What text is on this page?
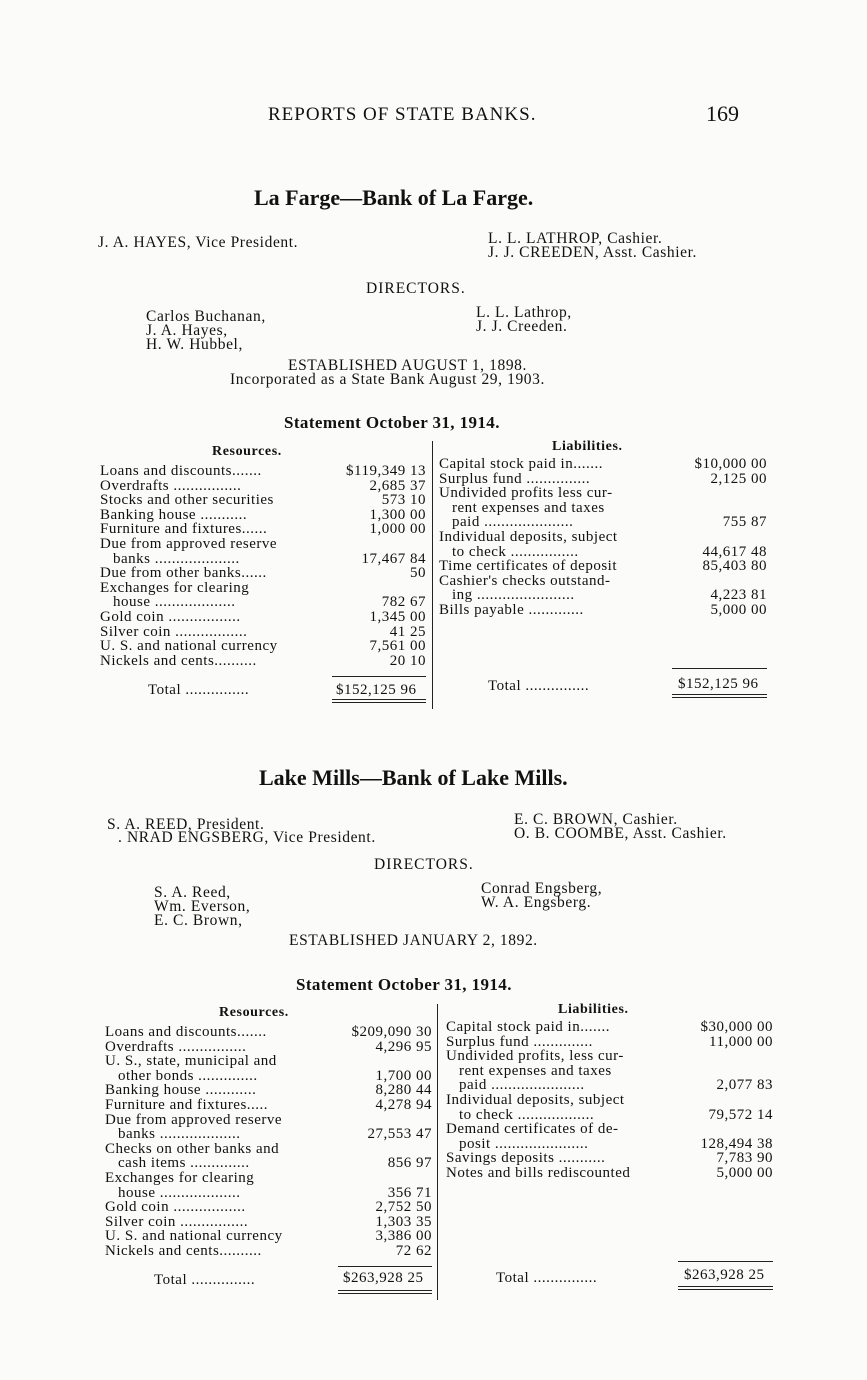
REPORTS OF STATE BANKS.	169
La Farge—Bank of La Farge.
J. A. HAYES, Vice President.	L. L. LATHROP, Cashier.
J. J. CREEDEN, Asst. Cashier.
DIRECTORS.
Carlos Buchanan,
J. A. Hayes,
H. W. Hubbel,
L. L. Lathrop,
J. J. Creeden.
ESTABLISHED AUGUST 1, 1898.
Incorporated as a State Bank August 29, 1903.
Statement October 31, 1914.
Resources.	Liabilities.
Loans and discounts.......	$119,349 13
Overdrafts ................	2,685 37
Stocks and other securities	573 10
Banking house ...........	1,300 00
Furniture and fixtures......	1,000 00
Due from approved reserve
banks ....................	17,467 84
Due from other banks......	50
Exchanges for clearing
house ...................	782 67
Gold coin .................	1,345 00
Silver coin .................	41 25
U. S. and national currency	7,561 00
Nickels and cents..........	20 10
Capital stock paid in.......	$10,000 00
Surplus fund ...............	2,125 00
Undivided profits less cur-
rent expenses and taxes
paid .....................	755 87
Individual deposits, subject
to check ................	44,617 48
Time certificates of deposit	85,403 80
Cashier's checks outstand-
ing .......................	4,223 81
Bills payable .............	5,000 00
Total ...............	$152,125 96	Total ...............	$152,125 96
Lake Mills—Bank of Lake Mills.
S. A. REED, President.
. NRAD ENGSBERG, Vice President.
E. C. BROWN, Cashier.
O. B. COOMBE, Asst. Cashier.
DIRECTORS.
S. A. Reed,
Wm. Everson,
E. C. Brown,
Conrad Engsberg,
W. A. Engsberg.
ESTABLISHED JANUARY 2, 1892.
Statement October 31, 1914.
Resources.	Liabilities.
Loans and discounts.......	$209,090 30
Overdrafts ................	4,296 95
U. S., state, municipal and
other bonds ..............	1,700 00
Banking house ............	8,280 44
Furniture and fixtures.....	4,278 94
Due from approved reserve
banks ...................	27,553 47
Checks on other banks and
cash items ..............	856 97
Exchanges for clearing
house ...................	356 71
Gold coin .................	2,752 50
Silver coin ................	1,303 35
U. S. and national currency	3,386 00
Nickels and cents..........	72 62
Capital stock paid in.......	$30,000 00
Surplus fund ..............	11,000 00
Undivided profits, less cur-
rent expenses and taxes
paid ......................	2,077 83
Individual deposits, subject
to check ..................	79,572 14
Demand certificates of de-
posit ......................	128,494 38
Savings deposits ...........	7,783 90
Notes and bills rediscounted	5,000 00
Total ...............	$263,928 25	Total ...............	$263,928 25
